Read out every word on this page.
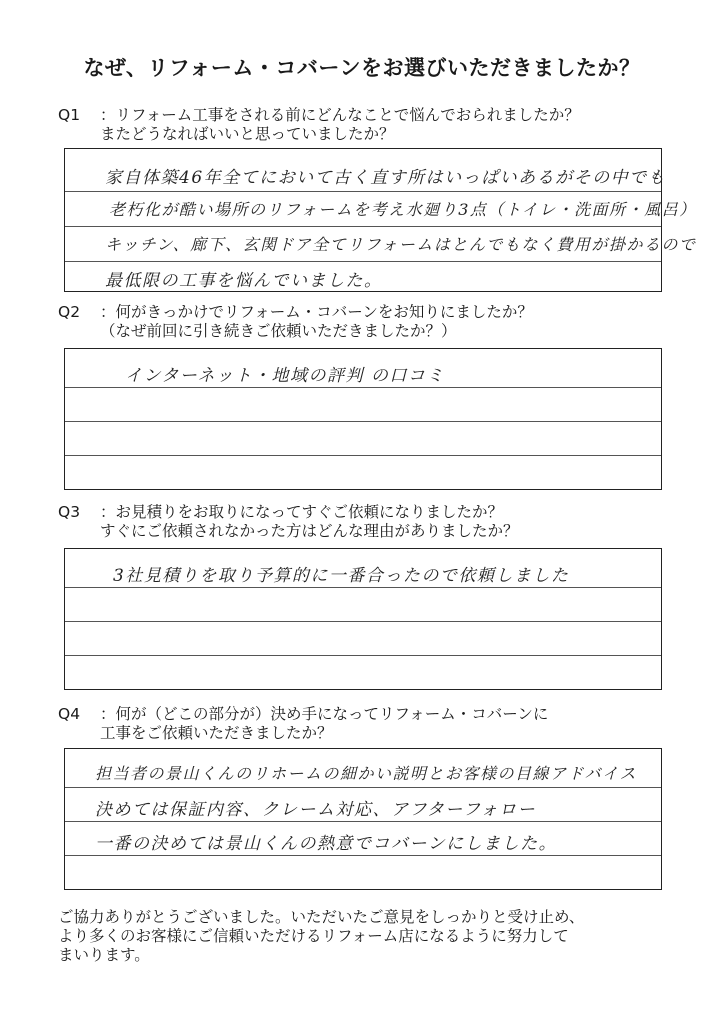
なぜ、リフォーム・コバーンをお選びいただきましたか？
Q1 ：リフォーム工事をされる前にどんなことで悩んでおられましたか？
またどうなればいいと思っていましたか？
家自体築46年全てにおいて古く直す所はいっぱいあるがその中でも
老朽化が酷い場所のリフォームを考え水廻り3点（トイレ・洗面所・風呂）
キッチン、廊下、玄関ドア全てリフォームはとんでもなく費用が掛かるので
最低限の工事を悩んでいました。
Q2 ：何がきっかけでリフォーム・コバーンをお知りにましたか？
（なぜ前回に引き続きご依頼いただきましたか？）
インターネット・地域の評判 の口コミ
Q3 ：お見積りをお取りになってすぐご依頼になりましたか？
すぐにご依頼されなかった方はどんな理由がありましたか？
3社見積りを取り予算的に一番合ったので依頼しました
Q4 ：何が（どこの部分が）決め手になってリフォーム・コバーンに
工事をご依頼いただきましたか？
担当者の景山くんのリホームの細かい説明とお客様の目線アドバイス
決めては保証内容、クレーム対応、アフターフォロー
一番の決めては景山くんの熱意でコバーンにしました。
ご協力ありがとうございました。いただいたご意見をしっかりと受け止め、
より多くのお客様にご信頼いただけるリフォーム店になるように努力して
まいります。
